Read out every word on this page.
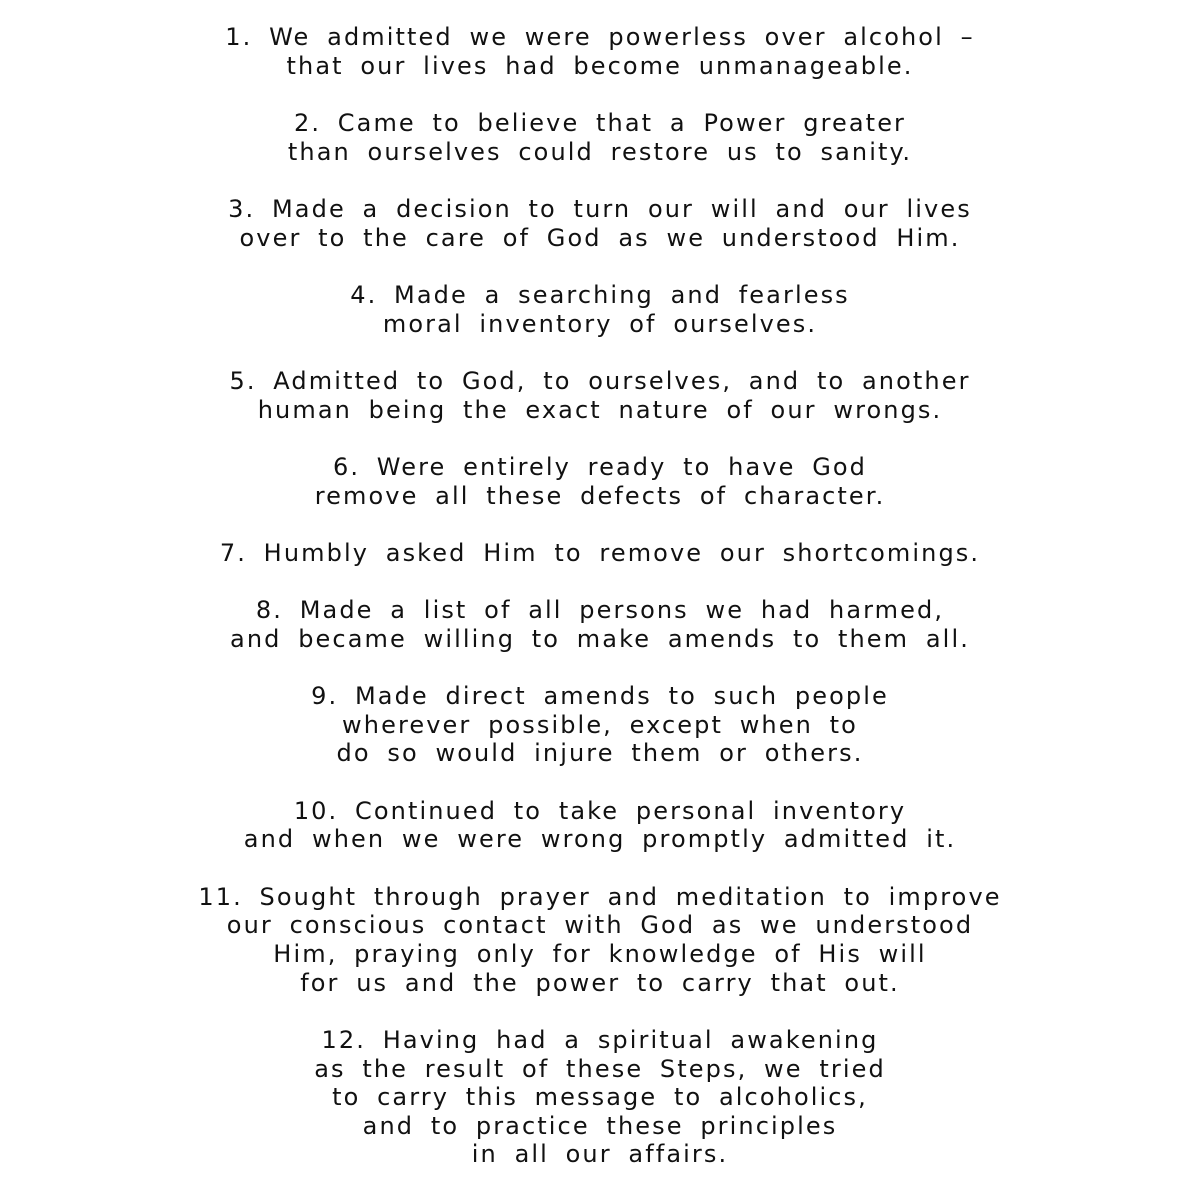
1. We admitted we were powerless over alcohol –
that our lives had become unmanageable.
2. Came to believe that a Power greater
than ourselves could restore us to sanity.
3. Made a decision to turn our will and our lives
over to the care of God as we understood Him.
4. Made a searching and fearless
moral inventory of ourselves.
5. Admitted to God, to ourselves, and to another
human being the exact nature of our wrongs.
6. Were entirely ready to have God
remove all these defects of character.
7. Humbly asked Him to remove our shortcomings.
8. Made a list of all persons we had harmed,
and became willing to make amends to them all.
9. Made direct amends to such people
wherever possible, except when to
do so would injure them or others.
10. Continued to take personal inventory
and when we were wrong promptly admitted it.
11. Sought through prayer and meditation to improve
our conscious contact with God as we understood
Him, praying only for knowledge of His will
for us and the power to carry that out.
12. Having had a spiritual awakening
as the result of these Steps, we tried
to carry this message to alcoholics,
and to practice these principles
in all our affairs.
